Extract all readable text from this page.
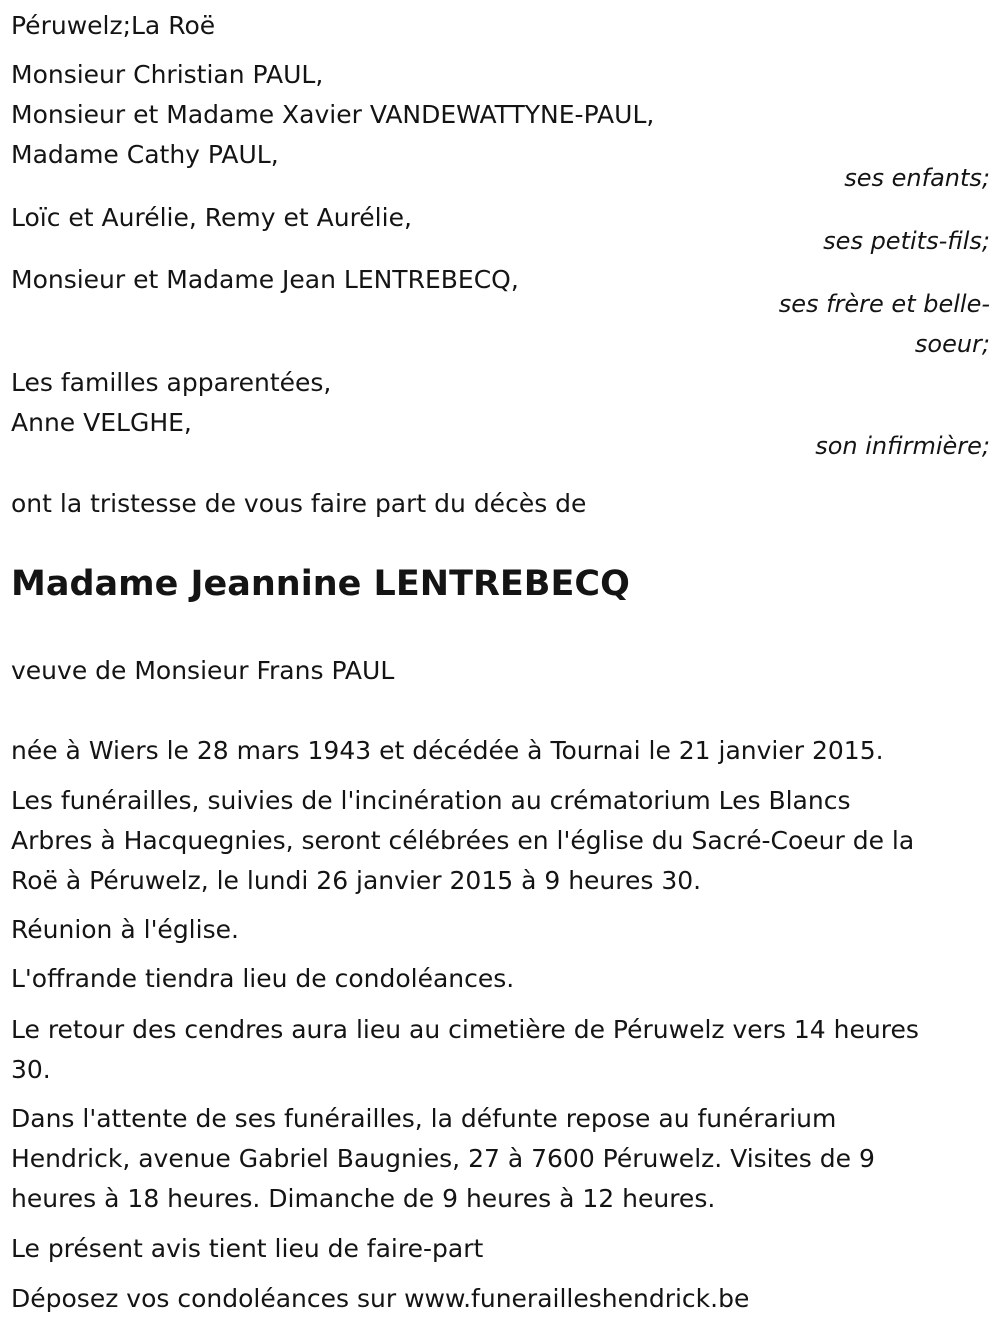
Péruwelz;La Roë
Monsieur Christian PAUL,
Monsieur et Madame Xavier VANDEWATTYNE-PAUL,
Madame Cathy PAUL,
ses enfants;
Loïc et Aurélie, Remy et Aurélie,
ses petits-fils;
Monsieur et Madame Jean LENTREBECQ,
ses frère et belle-
soeur;
Les familles apparentées,
Anne VELGHE,
son infirmière;
ont la tristesse de vous faire part du décès de
Madame Jeannine LENTREBECQ
veuve de Monsieur Frans PAUL
née à Wiers le 28 mars 1943 et décédée à Tournai le 21 janvier 2015.
Les funérailles, suivies de l'incinération au crématorium Les Blancs
Arbres à Hacquegnies, seront célébrées en l'église du Sacré-Coeur de la
Roë à Péruwelz, le lundi 26 janvier 2015 à 9 heures 30.
Réunion à l'église.
L'offrande tiendra lieu de condoléances.
Le retour des cendres aura lieu au cimetière de Péruwelz vers 14 heures
30.
Dans l'attente de ses funérailles, la défunte repose au funérarium
Hendrick, avenue Gabriel Baugnies, 27 à 7600 Péruwelz. Visites de 9
heures à 18 heures. Dimanche de 9 heures à 12 heures.
Le présent avis tient lieu de faire-part
Déposez vos condoléances sur www.funerailleshendrick.be
